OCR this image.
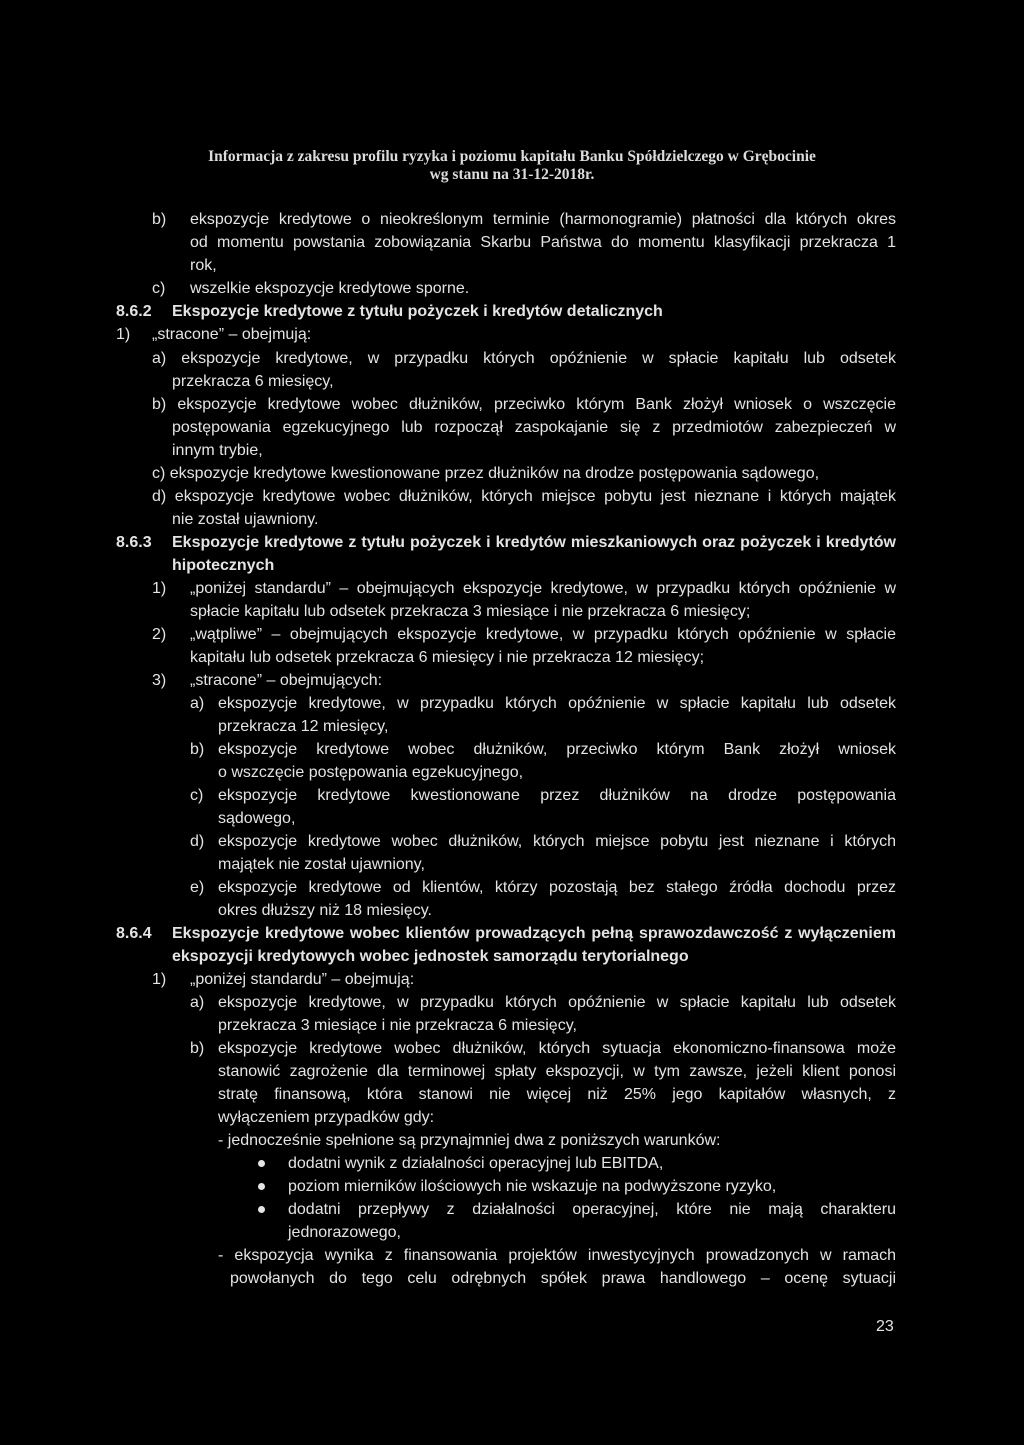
Informacja z zakresu profilu ryzyka i poziomu kapitału Banku Spółdzielczego w Grębocinie
wg stanu na 31-12-2018r.
b) ekspozycje kredytowe o nieokreślonym terminie (harmonogramie) płatności dla których okres
od momentu powstania zobowiązania Skarbu Państwa do momentu klasyfikacji przekracza 1
rok,
c) wszelkie ekspozycje kredytowe sporne.
8.6.2 Ekspozycje kredytowe z tytułu pożyczek i kredytów detalicznych
1) „stracone” – obejmują:
a) ekspozycje kredytowe, w przypadku których opóźnienie w spłacie kapitału lub odsetek
przekracza 6 miesięcy,
b) ekspozycje kredytowe wobec dłużników, przeciwko którym Bank złożył wniosek o wszczęcie
postępowania egzekucyjnego lub rozpoczął zaspokajanie się z przedmiotów zabezpieczeń w
innym trybie,
c) ekspozycje kredytowe kwestionowane przez dłużników na drodze postępowania sądowego,
d) ekspozycje kredytowe wobec dłużników, których miejsce pobytu jest nieznane i których majątek
nie został ujawniony.
8.6.3 Ekspozycje kredytowe z tytułu pożyczek i kredytów mieszkaniowych oraz pożyczek i kredytów
hipotecznych
1) „poniżej standardu” – obejmujących ekspozycje kredytowe, w przypadku których opóźnienie w
spłacie kapitału lub odsetek przekracza 3 miesiące i nie przekracza 6 miesięcy;
2) „wątpliwe” – obejmujących ekspozycje kredytowe, w przypadku których opóźnienie w spłacie
kapitału lub odsetek przekracza 6 miesięcy i nie przekracza 12 miesięcy;
3) „stracone” – obejmujących:
a) ekspozycje kredytowe, w przypadku których opóźnienie w spłacie kapitału lub odsetek
przekracza 12 miesięcy,
b) ekspozycje kredytowe wobec dłużników, przeciwko którym Bank złożył wniosek
o wszczęcie postępowania egzekucyjnego,
c) ekspozycje kredytowe kwestionowane przez dłużników na drodze postępowania
sądowego,
d) ekspozycje kredytowe wobec dłużników, których miejsce pobytu jest nieznane i których
majątek nie został ujawniony,
e) ekspozycje kredytowe od klientów, którzy pozostają bez stałego źródła dochodu przez
okres dłuższy niż 18 miesięcy.
8.6.4 Ekspozycje kredytowe wobec klientów prowadzących pełną sprawozdawczość z wyłączeniem
ekspozycji kredytowych wobec jednostek samorządu terytorialnego
1) „poniżej standardu” – obejmują:
a) ekspozycje kredytowe, w przypadku których opóźnienie w spłacie kapitału lub odsetek
przekracza 3 miesiące i nie przekracza 6 miesięcy,
b) ekspozycje kredytowe wobec dłużników, których sytuacja ekonomiczno-finansowa może
stanowić zagrożenie dla terminowej spłaty ekspozycji, w tym zawsze, jeżeli klient ponosi
stratę finansową, która stanowi nie więcej niż 25% jego kapitałów własnych, z
wyłączeniem przypadków gdy:
- jednocześnie spełnione są przynajmniej dwa z poniższych warunków:
dodatni wynik z działalności operacyjnej lub EBITDA,
poziom mierników ilościowych nie wskazuje na podwyższone ryzyko,
dodatni przepływy z działalności operacyjnej, które nie mają charakteru
jednorazowego,
- ekspozycja wynika z finansowania projektów inwestycyjnych prowadzonych w ramach
powołanych do tego celu odrębnych spółek prawa handlowego – ocenę sytuacji
23
